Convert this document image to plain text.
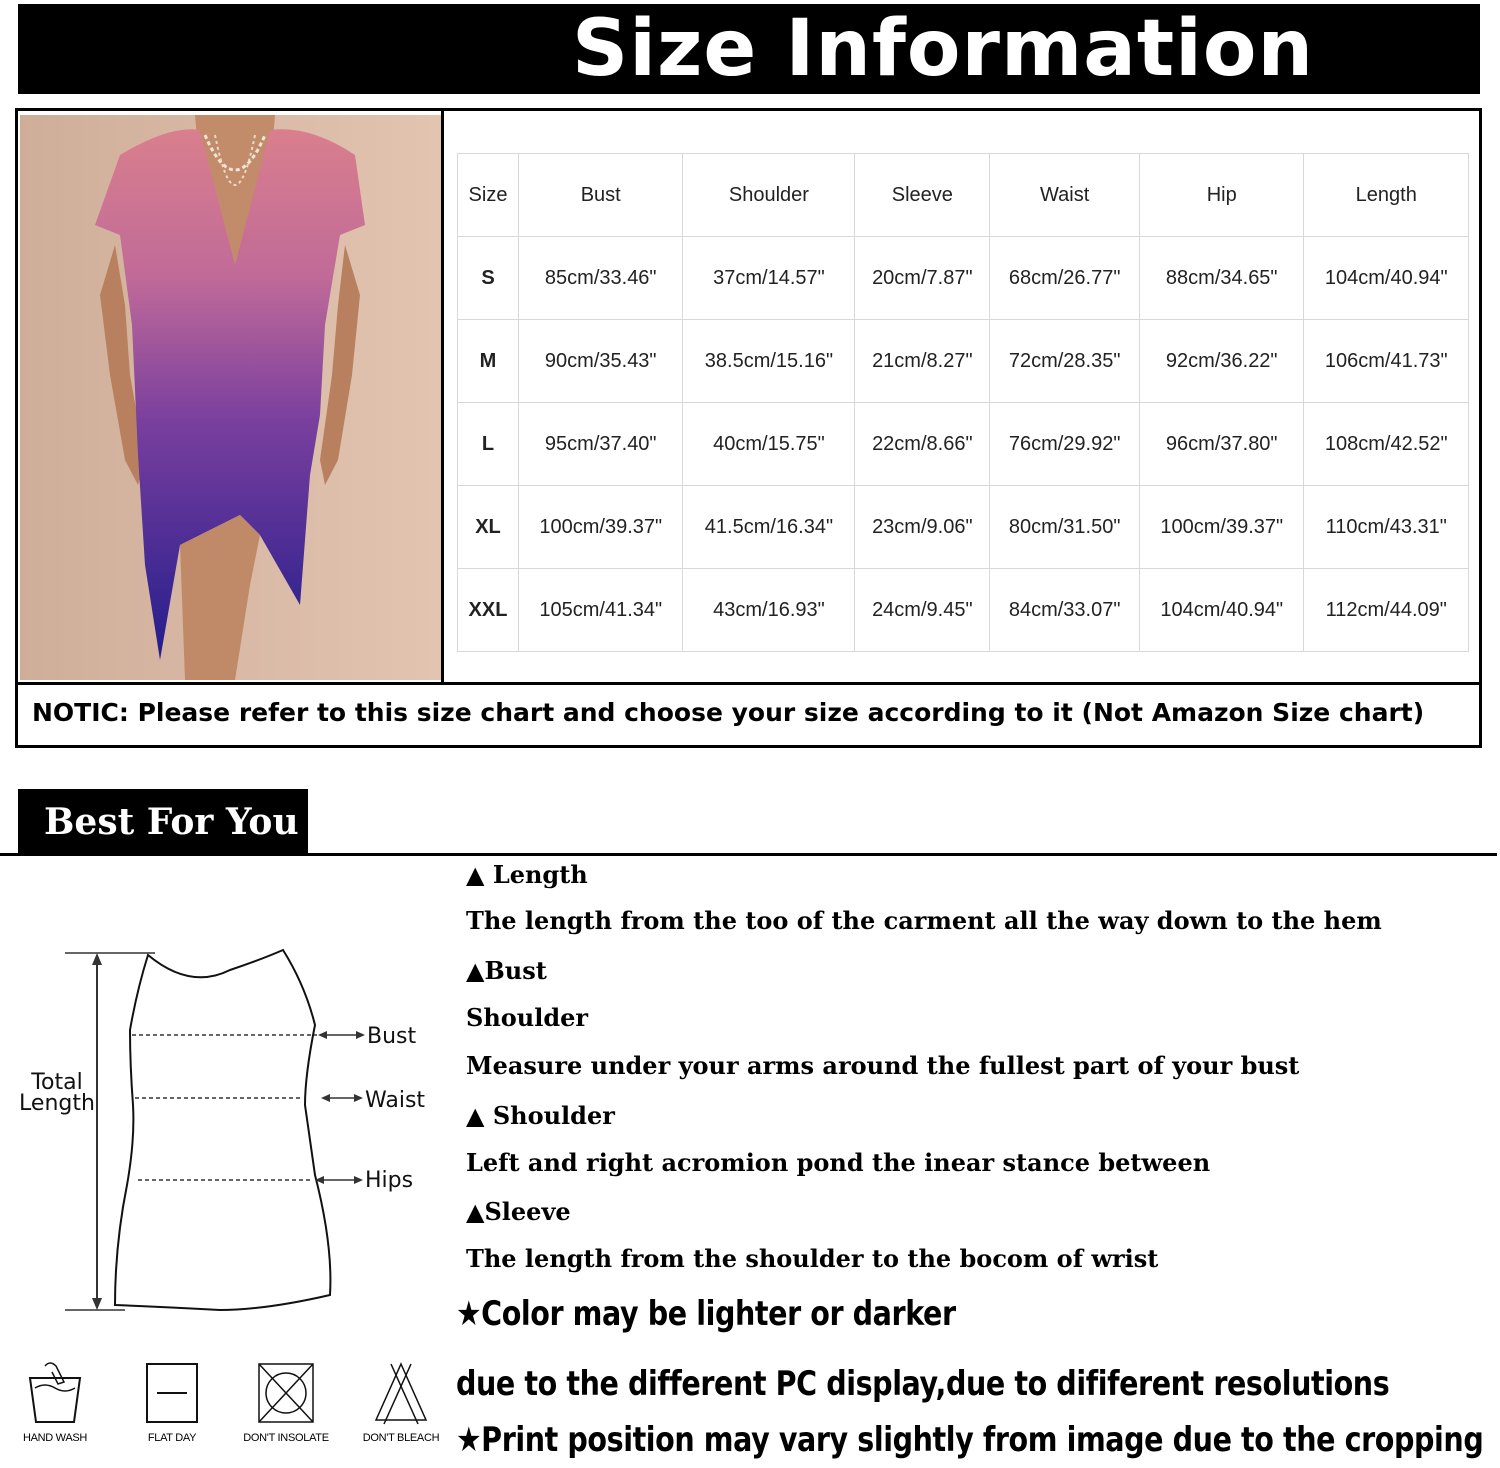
Size Information
Size	Bust	Shoulder	Sleeve	Waist	Hip	Length
S	85cm/33.46"	37cm/14.57"	20cm/7.87"	68cm/26.77"	88cm/34.65"	104cm/40.94"
M	90cm/35.43"	38.5cm/15.16"	21cm/8.27"	72cm/28.35"	92cm/36.22"	106cm/41.73"
L	95cm/37.40"	40cm/15.75"	22cm/8.66"	76cm/29.92"	96cm/37.80"	108cm/42.52"
XL	100cm/39.37"	41.5cm/16.34"	23cm/9.06"	80cm/31.50"	100cm/39.37"	110cm/43.31"
XXL	105cm/41.34"	43cm/16.93"	24cm/9.45"	84cm/33.07"	104cm/40.94"	112cm/44.09"
NOTIC: Please refer to this size chart and choose your size according to it (Not Amazon Size chart)
Best For You
Total
Length
Bust
Waist
Hips
HAND WASH	FLAT DAY	DON'T INSOLATE	DON'T BLEACH
▲ Length
The length from the too of the carment all the way down to the hem
▲Bust
Shoulder
Measure under your arms around the fullest part of your bust
▲ Shoulder
Left and right acromion pond the inear stance between
▲Sleeve
The length from the shoulder to the bocom of wrist
★Color may be lighter or darker
due to the different PC display,due to dififerent resolutions
★Print position may vary slightly from image due to the cropping
